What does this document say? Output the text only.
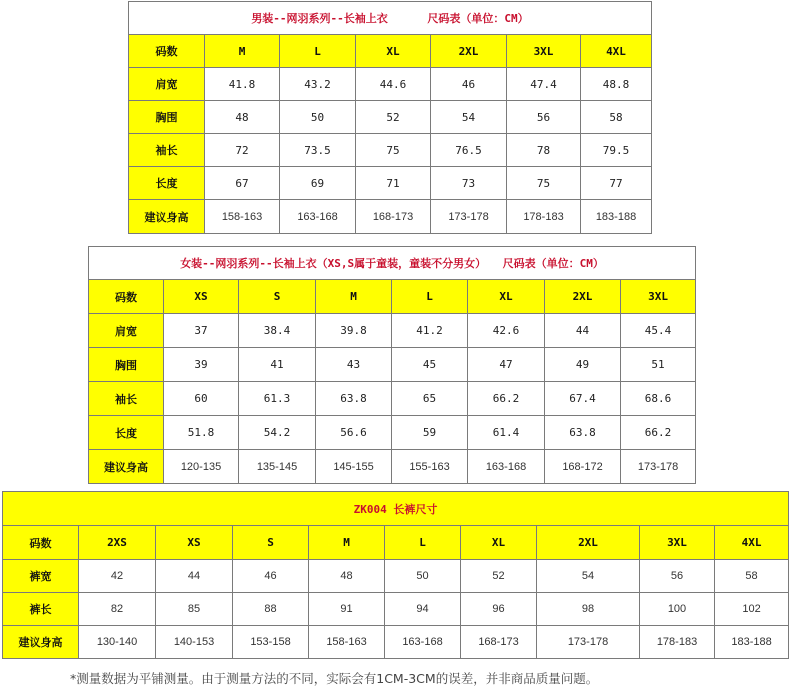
男装--网羽系列--长袖上衣 　　　尺码表（单位：CM）						
码数	M	L	XL	2XL	3XL	4XL
肩宽	41.8	43.2	44.6	46	47.4	48.8
胸围	48	50	52	54	56	58
袖长	72	73.5	75	76.5	78	79.5
长度	67	69	71	73	75	77
建议身高	158-163	163-168	168-173	173-178	178-183	183-188
女装--网羽系列--长袖上衣（XS,S属于童装，童装不分男女）　　尺码表（单位：CM）							
码数	XS	S	M	L	XL	2XL	3XL
肩宽	37	38.4	39.8	41.2	42.6	44	45.4
胸围	39	41	43	45	47	49	51
袖长	60	61.3	63.8	65	66.2	67.4	68.6
长度	51.8	54.2	56.6	59	61.4	63.8	66.2
建议身高	120-135	135-145	145-155	155-163	163-168	168-172	173-178
ZK004 长裤尺寸									
码数	2XS	XS	S	M	L	XL	2XL	3XL	4XL
裤宽	42	44	46	48	50	52	54	56	58
裤长	82	85	88	91	94	96	98	100	102
建议身高	130-140	140-153	153-158	158-163	163-168	168-173	173-178	178-183	183-188
*测量数据为平铺测量。由于测量方法的不同，实际会有1CM-3CM的误差，并非商品质量问题。
